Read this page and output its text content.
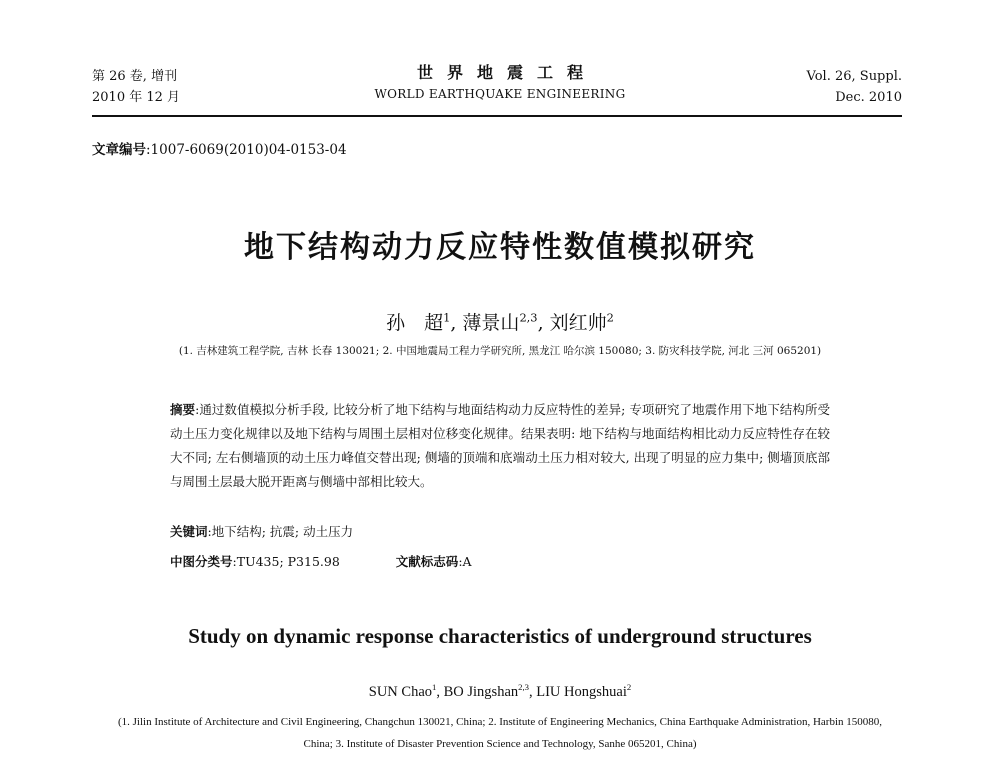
第 26 卷, 增刊
2010 年 12 月
世界地震工程
WORLD EARTHQUAKE ENGINEERING
Vol. 26, Suppl.
Dec. 2010
文章编号:1007-6069(2010)04-0153-04
地下结构动力反应特性数值模拟研究
孙　超$^1$, 薄景山$^{2,3}$, 刘红帅$^2$
(1. 吉林建筑工程学院, 吉林 长春 130021; 2. 中国地震局工程力学研究所, 黑龙江 哈尔滨 150080; 3. 防灾科技学院, 河北 三河 065201)
摘要:通过数值模拟分析手段, 比较分析了地下结构与地面结构动力反应特性的差异; 专项研究了地震作用下地下结构所受动土压力变化规律以及地下结构与周围土层相对位移变化规律。结果表明: 地下结构与地面结构相比动力反应特性存在较大不同; 左右侧墙顶的动土压力峰值交替出现; 侧墙的顶端和底端动土压力相对较大, 出现了明显的应力集中; 侧墙顶底部与周围土层最大脱开距离与侧墙中部相比较大。
关键词:地下结构; 抗震; 动土压力
中图分类号:TU435; P315.98	文献标志码:A
Study on dynamic response characteristics of underground structures
SUN Chao$^1$, BO Jingshan$^{2,3}$, LIU Hongshuai$^2$
(1. Jilin Institute of Architecture and Civil Engineering, Changchun 130021, China; 2. Institute of Engineering Mechanics, China Earthquake Administration, Harbin 150080, China; 3. Institute of Disaster Prevention Science and Technology, Sanhe 065201, China)
